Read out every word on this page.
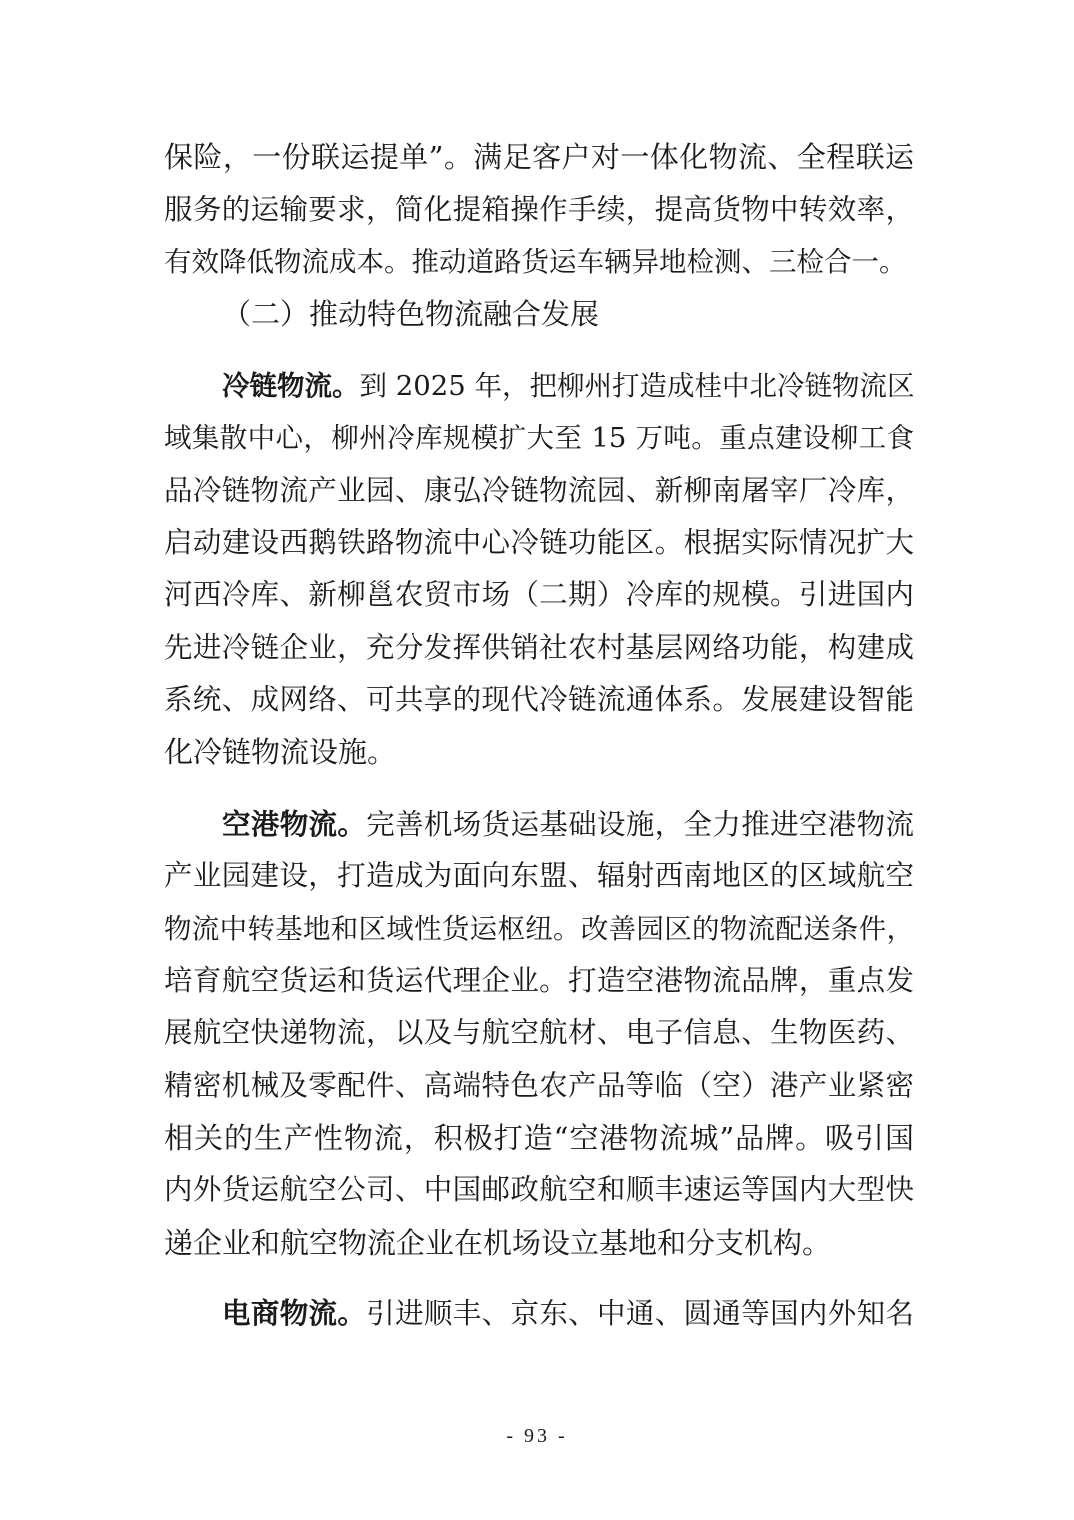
保险，一份联运提单”。满足客户对一体化物流、全程联运
服务的运输要求，简化提箱操作手续，提高货物中转效率，
有效降低物流成本。推动道路货运车辆异地检测、三检合一。
（二）推动特色物流融合发展
冷链物流。到 2025 年，把柳州打造成桂中北冷链物流区
域集散中心，柳州冷库规模扩大至 15 万吨。重点建设柳工食
品冷链物流产业园、康弘冷链物流园、新柳南屠宰厂冷库，
启动建设西鹅铁路物流中心冷链功能区。根据实际情况扩大
河西冷库、新柳邕农贸市场（二期）冷库的规模。引进国内
先进冷链企业，充分发挥供销社农村基层网络功能，构建成
系统、成网络、可共享的现代冷链流通体系。发展建设智能
化冷链物流设施。
空港物流。完善机场货运基础设施，全力推进空港物流
产业园建设，打造成为面向东盟、辐射西南地区的区域航空
物流中转基地和区域性货运枢纽。改善园区的物流配送条件，
培育航空货运和货运代理企业。打造空港物流品牌，重点发
展航空快递物流，以及与航空航材、电子信息、生物医药、
精密机械及零配件、高端特色农产品等临（空）港产业紧密
相关的生产性物流，积极打造“空港物流城”品牌。吸引国
内外货运航空公司、中国邮政航空和顺丰速运等国内大型快
递企业和航空物流企业在机场设立基地和分支机构。
电商物流。引进顺丰、京东、中通、圆通等国内外知名
- 93 -
